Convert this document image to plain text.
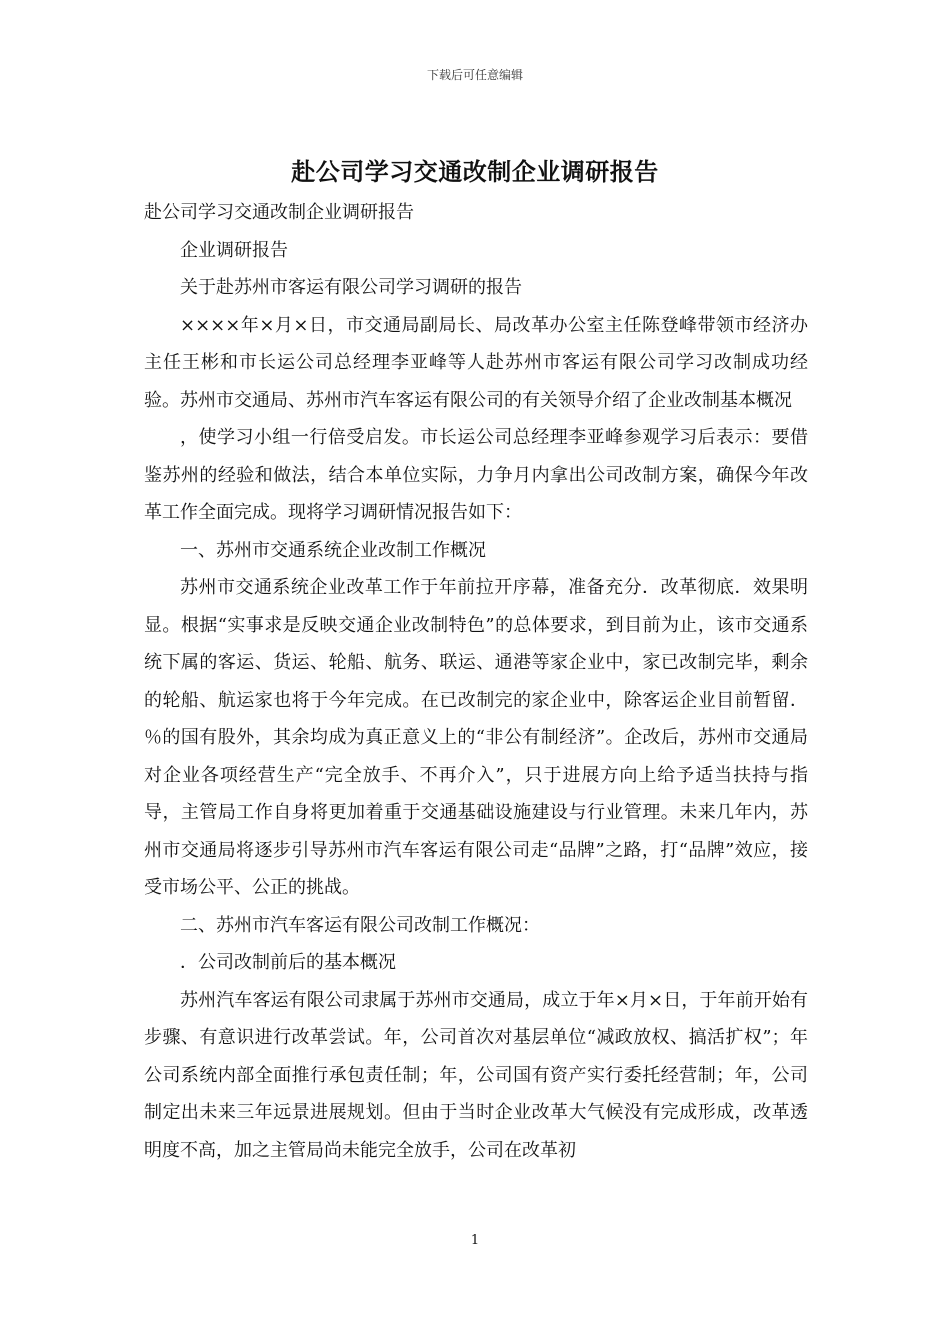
下载后可任意编辑
赴公司学习交通改制企业调研报告

赴公司学习交通改制企业调研报告

企业调研报告

关于赴苏州市客运有限公司学习调研的报告

××××年×月×日，市交通局副局长、局改革办公室主任陈登峰带领市经济办主任王彬和市长运公司总经理李亚峰等人赴苏州市客运有限公司学习改制成功经验。苏州市交通局、苏州市汽车客运有限公司的有关领导介绍了企业改制基本概况

，使学习小组一行倍受启发。市长运公司总经理李亚峰参观学习后表示：要借鉴苏州的经验和做法，结合本单位实际，力争月内拿出公司改制方案，确保今年改革工作全面完成。现将学习调研情况报告如下：

一、苏州市交通系统企业改制工作概况

苏州市交通系统企业改革工作于年前拉开序幕，准备充分．改革彻底．效果明显。根据“实事求是反映交通企业改制特色”的总体要求，到目前为止，该市交通系统下属的客运、货运、轮船、航务、联运、通港等家企业中，家已改制完毕，剩余的轮船、航运家也将于今年完成。在已改制完的家企业中，除客运企业目前暂留．％的国有股外，其余均成为真正意义上的“非公有制经济”。企改后，苏州市交通局对企业各项经营生产“完全放手、不再介入”，只于进展方向上给予适当扶持与指导，主管局工作自身将更加着重于交通基础设施建设与行业管理。未来几年内，苏州市交通局将逐步引导苏州市汽车客运有限公司走“品牌”之路，打“品牌”效应，接受市场公平、公正的挑战。

二、苏州市汽车客运有限公司改制工作概况：

．公司改制前后的基本概况

苏州汽车客运有限公司隶属于苏州市交通局，成立于年×月×日，于年前开始有步骤、有意识进行改革尝试。年，公司首次对基层单位“减政放权、搞活扩权”；年公司系统内部全面推行承包责任制；年，公司国有资产实行委托经营制；年，公司制定出未来三年远景进展规划。但由于当时企业改革大气候没有完成形成，改革透明度不高，加之主管局尚未能完全放手，公司在改革初

1
